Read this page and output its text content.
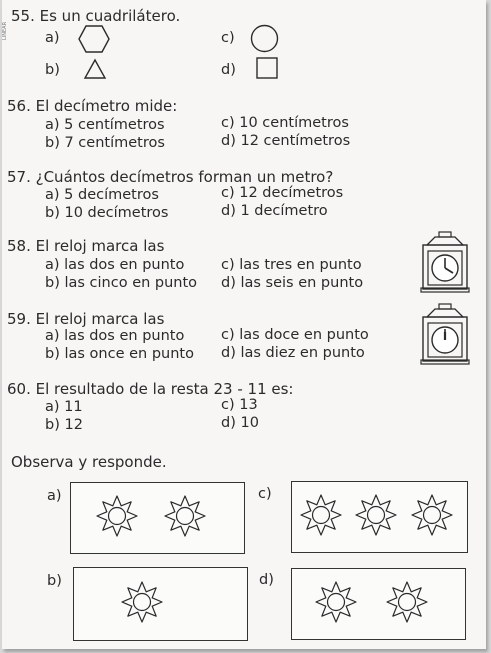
LINEAR
55. Es un cuadrilátero.
a)
b)
c)
d)
56. El decímetro mide:
a) 5 centímetros
b) 7 centímetros
c) 10 centímetros
d) 12 centímetros
57. ¿Cuántos decímetros forman un metro?
a) 5 decímetros
b) 10 decímetros
c) 12 decímetros
d) 1 decímetro
58. El reloj marca las
a) las dos en punto
b) las cinco en punto
c) las tres en punto
d) las seis en punto
59. El reloj marca las
a) las dos en punto
b) las once en punto
c) las doce en punto
d) las diez en punto
60. El resultado de la resta 23 - 11 es:
a) 11
b) 12
c) 13
d) 10
Observa y responde.
a)	c)
b)	d)
